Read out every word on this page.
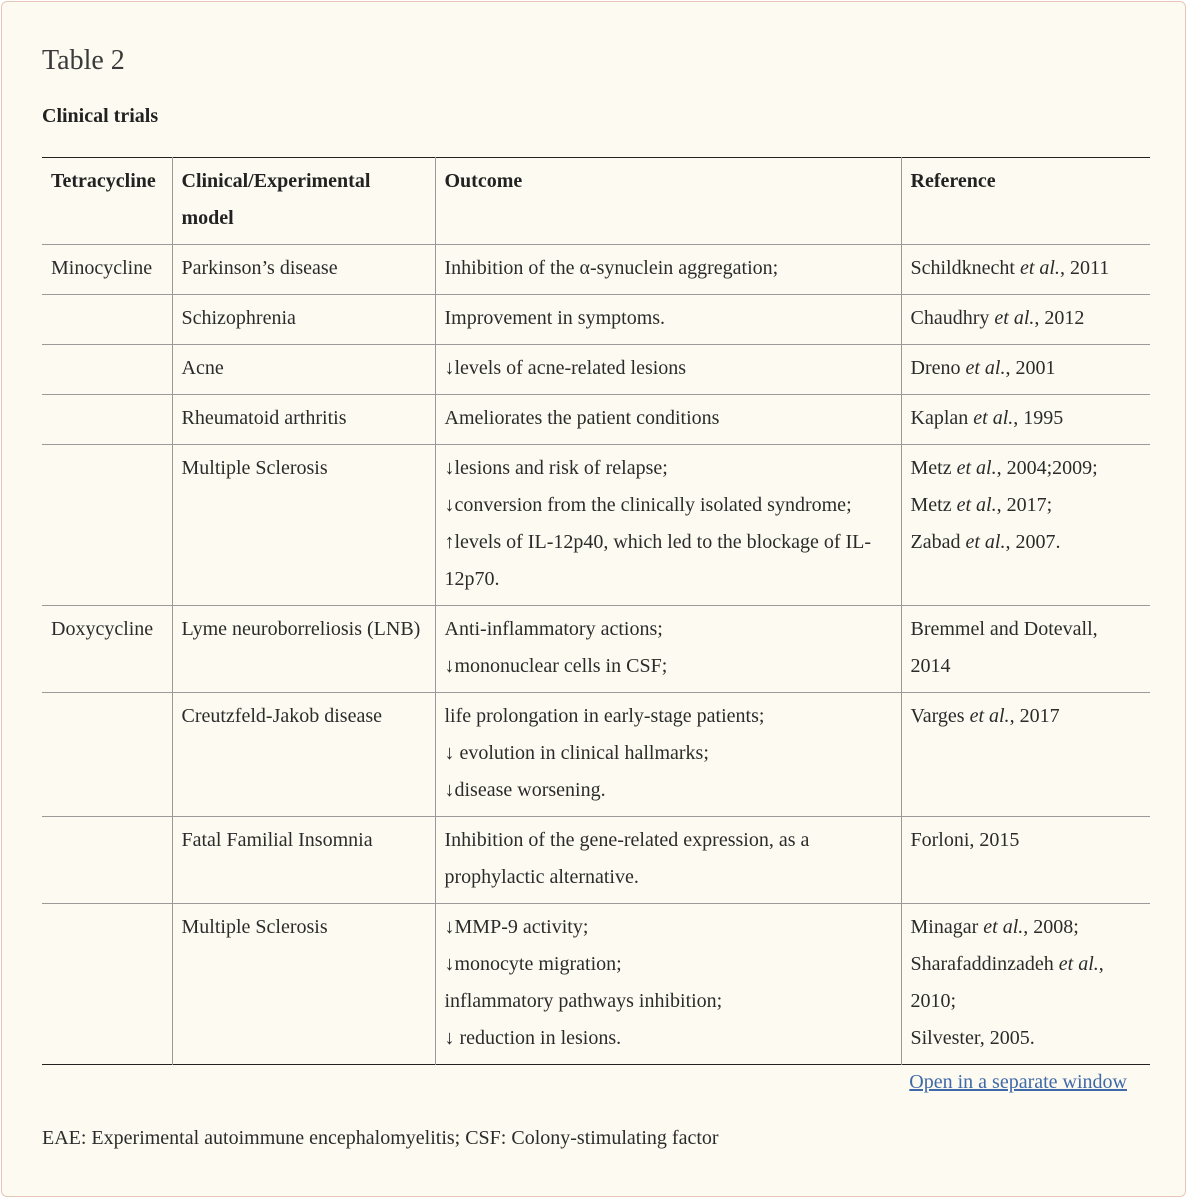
Table 2
Clinical trials
Tetracycline	Clinical/Experimental model	Outcome	Reference
Minocycline	Parkinson’s disease	Inhibition of the α-synuclein aggregation;	Schildknecht et al., 2011

	Schizophrenia	Improvement in symptoms.	Chaudhry et al., 2012

	Acne	↓levels of acne-related lesions	Dreno et al., 2001

	Rheumatoid arthritis	Ameliorates the patient conditions	Kaplan et al., 1995

	Multiple Sclerosis	↓lesions and risk of relapse;
↓conversion from the clinically isolated syndrome;
↑levels of IL-12p40, which led to the blockage of IL-12p70.	Metz et al., 2004;2009;
Metz et al., 2017;
Zabad et al., 2007.

Doxycycline	Lyme neuroborreliosis (LNB)	Anti-inflammatory actions;
↓mononuclear cells in CSF;	Bremmel and Dotevall, 2014

	Creutzfeld-Jakob disease	life prolongation in early-stage patients;
↓ evolution in clinical hallmarks;
↓disease worsening.	Varges et al., 2017

	Fatal Familial Insomnia	Inhibition of the gene-related expression, as a prophylactic alternative.	Forloni, 2015

	Multiple Sclerosis	↓MMP-9 activity;
↓monocyte migration;
inflammatory pathways inhibition;
↓ reduction in lesions.	Minagar et al., 2008;
Sharafaddinzadeh et al., 2010;
Silvester, 2005.
Open in a separate window
EAE: Experimental autoimmune encephalomyelitis; CSF: Colony-stimulating factor
